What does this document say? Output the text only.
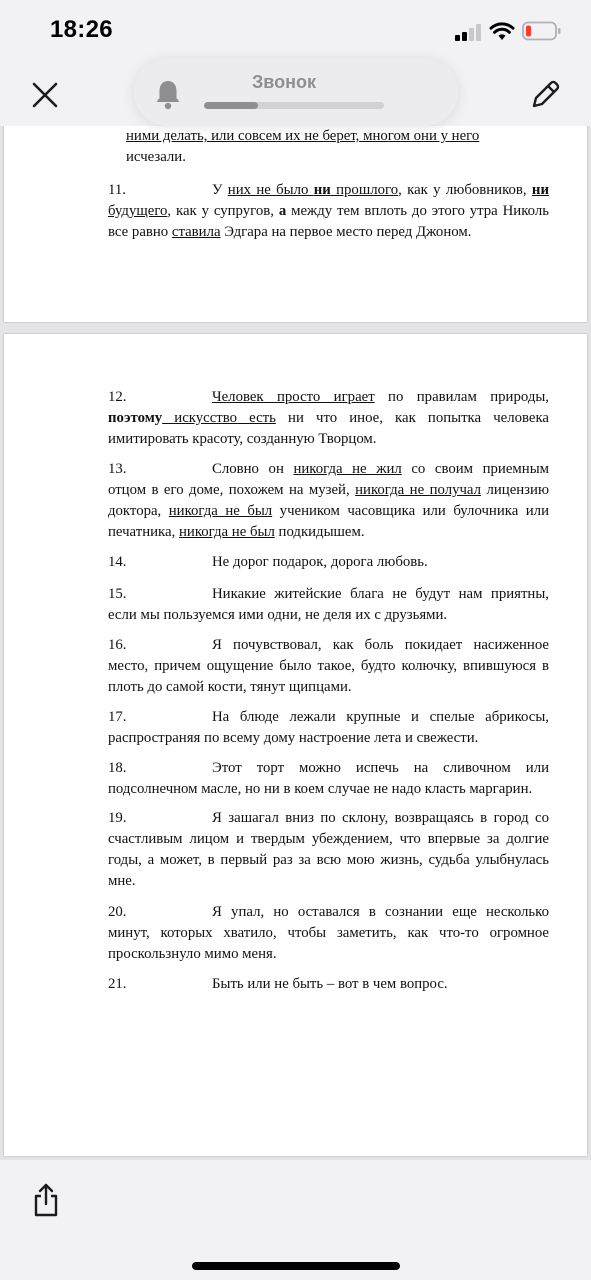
18:26
Звонок
ними делать, или совсем их не берет, многом они у него
исчезали.
11.	У них не было ни прошлого, как у любовников, ни будущего, как у супругов, а между тем вплоть до этого утра Николь все равно ставила Эдгара на первое место перед Джоном.
12.	Человек просто играет по правилам природы, поэтому искусство есть ни что иное, как попытка человека имитировать красоту, созданную Творцом.
13.	Словно он никогда не жил со своим приемным отцом в его доме, похожем на музей, никогда не получал лицензию доктора, никогда не был учеником часовщика или булочника или печатника, никогда не был подкидышем.
14.	Не дорог подарок, дорога любовь.
15.	Никакие житейские блага не будут нам приятны, если мы пользуемся ими одни, не деля их с друзьями.
16.	Я почувствовал, как боль покидает насиженное место, причем ощущение было такое, будто колючку, впившуюся в плоть до самой кости, тянут щипцами.
17.	На блюде лежали крупные и спелые абрикосы, распространяя по всему дому настроение лета и свежести.
18.	Этот торт можно испечь на сливочном или подсолнечном масле, но ни в коем случае не надо класть маргарин.
19.	Я зашагал вниз по склону, возвращаясь в город со счастливым лицом и твердым убеждением, что впервые за долгие годы, а может, в первый раз за всю мою жизнь, судьба улыбнулась мне.
20.	Я упал, но оставался в сознании еще несколько минут, которых хватило, чтобы заметить, как что-то огромное проскользнуло мимо меня.
21.	Быть или не быть – вот в чем вопрос.
